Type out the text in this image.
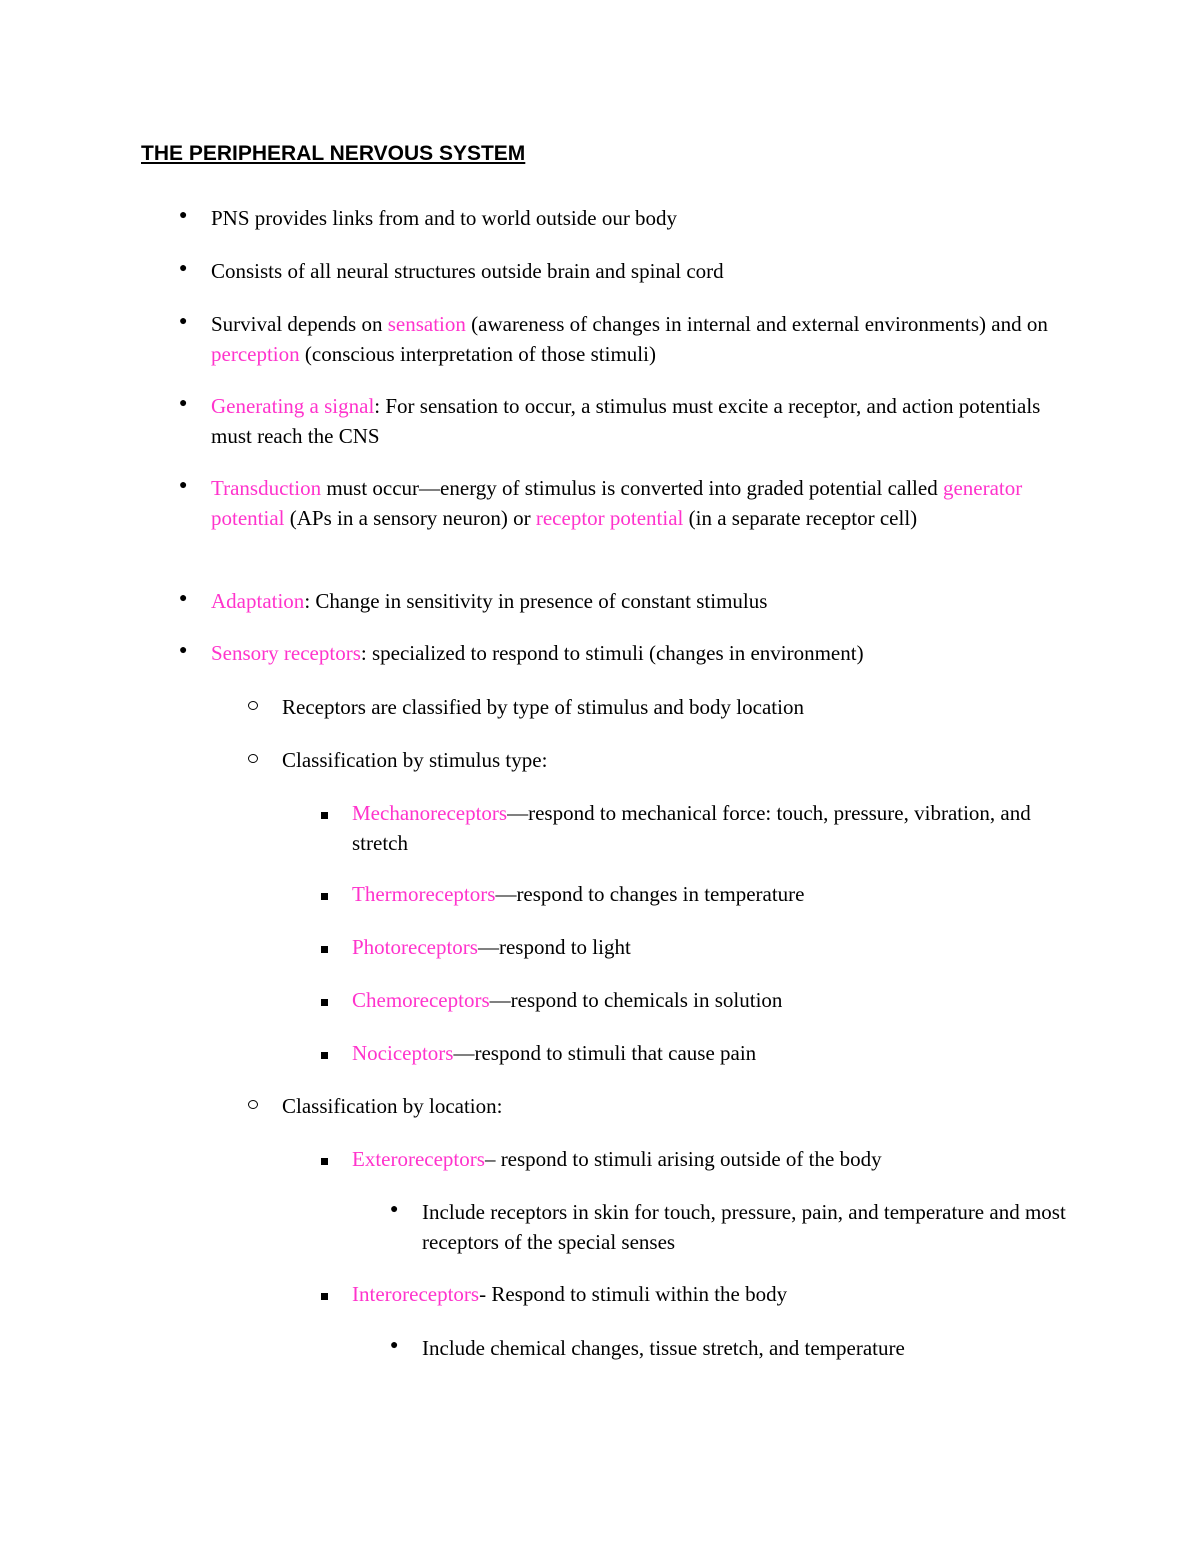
THE PERIPHERAL NERVOUS SYSTEM
● PNS provides links from and to world outside our body
● Consists of all neural structures outside brain and spinal cord
● Survival depends on sensation (awareness of changes in internal and external environments) and on perception (conscious interpretation of those stimuli)
● Generating a signal: For sensation to occur, a stimulus must excite a receptor, and action potentials must reach the CNS
● Transduction must occur—energy of stimulus is converted into graded potential called generator potential (APs in a sensory neuron) or receptor potential (in a separate receptor cell)
● Adaptation: Change in sensitivity in presence of constant stimulus
● Sensory receptors: specialized to respond to stimuli (changes in environment)
Receptors are classified by type of stimulus and body location
Classification by stimulus type:
Mechanoreceptors—respond to mechanical force: touch, pressure, vibration, and stretch
Thermoreceptors—respond to changes in temperature
Photoreceptors—respond to light
Chemoreceptors—respond to chemicals in solution
Nociceptors—respond to stimuli that cause pain
Classification by location:
Exteroreceptors– respond to stimuli arising outside of the body
● Include receptors in skin for touch, pressure, pain, and temperature and most receptors of the special senses
Interoreceptors- Respond to stimuli within the body
● Include chemical changes, tissue stretch, and temperature
